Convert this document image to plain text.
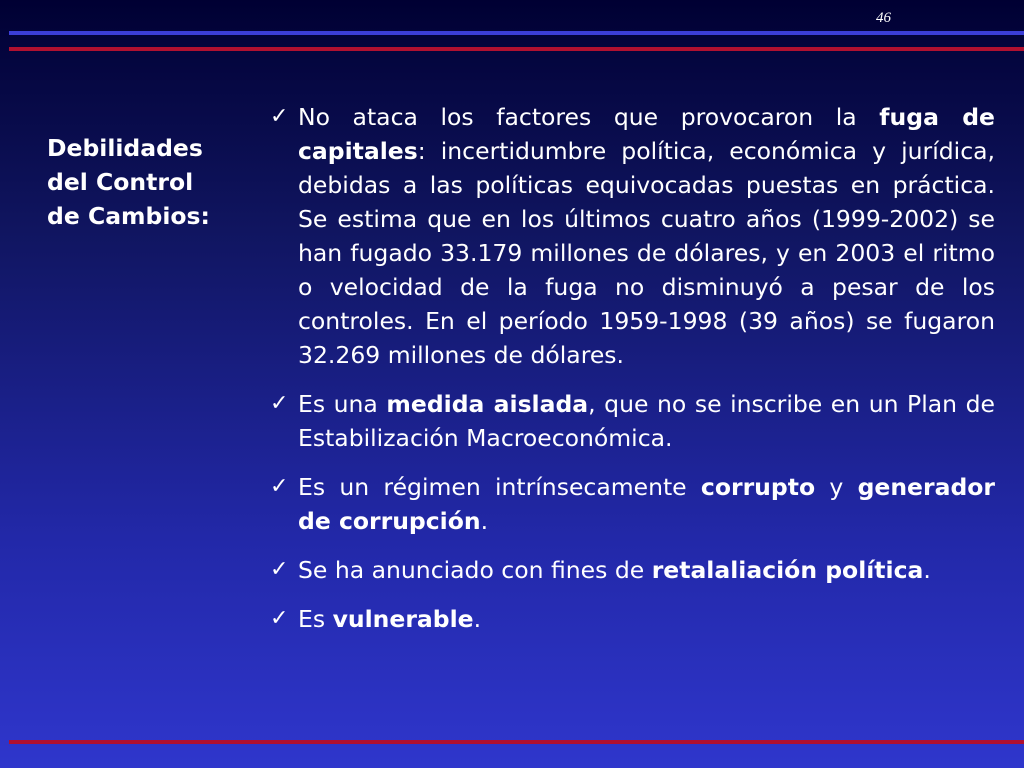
46
Debilidades
del Control
de Cambios:
✓ No ataca los factores que provocaron la fuga de capitales: incertidumbre política, económica y jurídica, debidas a las políticas equivocadas puestas en práctica. Se estima que en los últimos cuatro años (1999-2002) se han fugado 33.179 millones de dólares, y en 2003 el ritmo o velocidad de la fuga no disminuyó a pesar de los controles. En el período 1959-1998 (39 años) se fugaron 32.269 millones de dólares.
✓ Es una medida aislada, que no se inscribe en un Plan de Estabilización Macroeconómica.
✓ Es un régimen intrínsecamente corrupto y generador de corrupción.
✓ Se ha anunciado con fines de retalaliación política.
✓ Es vulnerable.
